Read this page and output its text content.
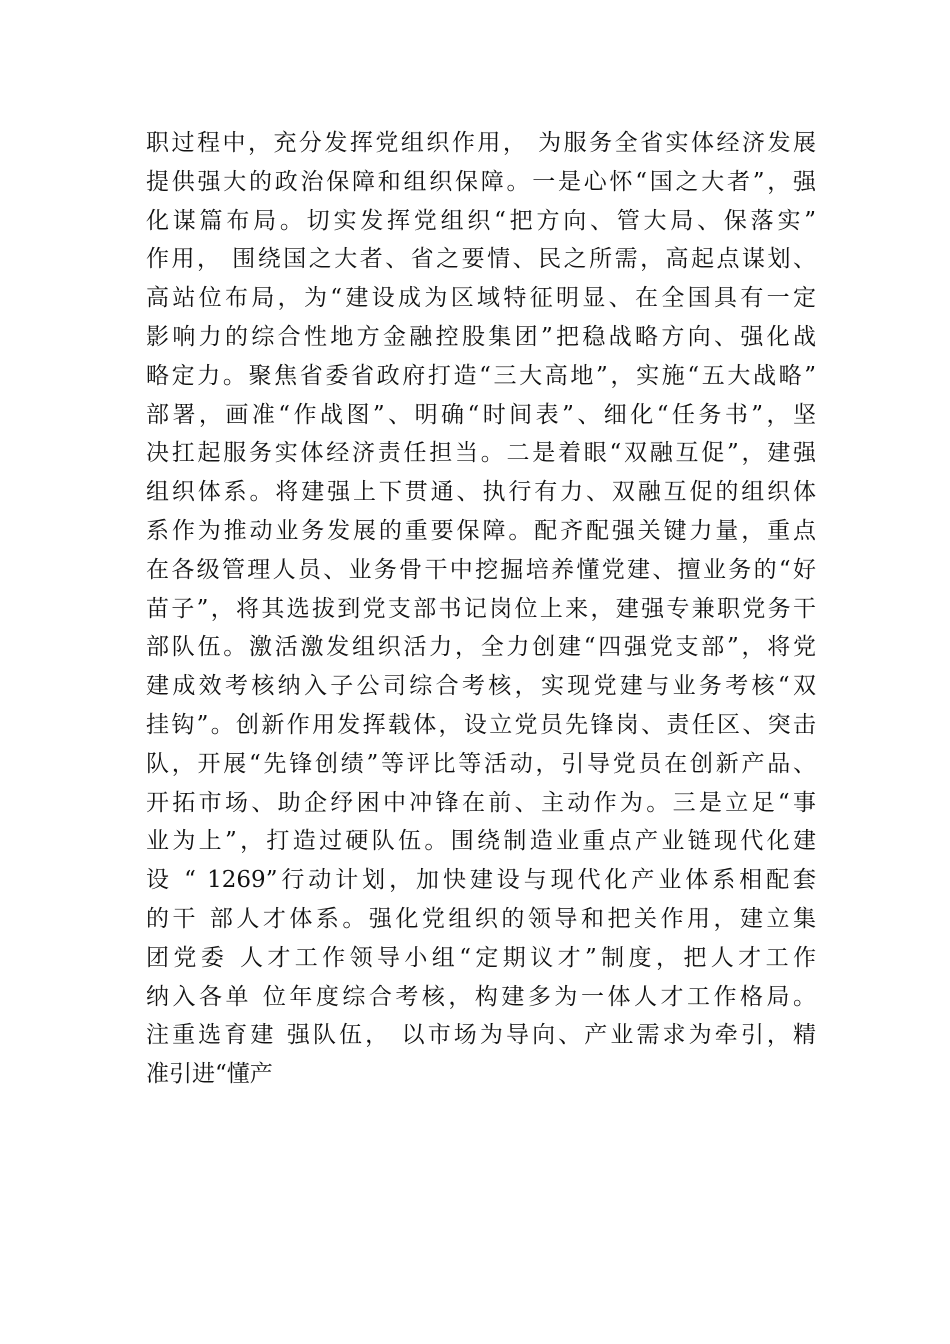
职过程中，充分发挥党组织作用， 为服务全省实体经济发展
提供强大的政治保障和组织保障。一是心怀“国之大者”，强
化谋篇布局。切实发挥党组织“把方向、管大局、保落实”
作用， 围绕国之大者、省之要情、民之所需，高起点谋划、
高站位布局，为“建设成为区域特征明显、在全国具有一定
影响力的综合性地方金融控股集团”把稳战略方向、强化战
略定力。聚焦省委省政府打造“三大高地”，实施“五大战略”
部署，画准“作战图”、明确“时间表”、细化“任务书”，坚
决扛起服务实体经济责任担当。二是着眼“双融互促”，建强
组织体系。将建强上下贯通、执行有力、双融互促的组织体
系作为推动业务发展的重要保障。配齐配强关键力量，重点
在各级管理人员、业务骨干中挖掘培养懂党建、擅业务的“好
苗子”，将其选拔到党支部书记岗位上来，建强专兼职党务干
部队伍。激活激发组织活力，全力创建“四强党支部”，将党
建成效考核纳入子公司综合考核，实现党建与业务考核“双
挂钩”。创新作用发挥载体，设立党员先锋岗、责任区、突击
队，开展“先锋创绩”等评比等活动，引导党员在创新产品、
开拓市场、助企纾困中冲锋在前、主动作为。三是立足“事
业为上”，打造过硬队伍。围绕制造业重点产业链现代化建
设 “ 1269”行动计划，加快建设与现代化产业体系相配套
的干 部人才体系。强化党组织的领导和把关作用，建立集
团党委 人才工作领导小组“定期议才”制度，把人才工作
纳入各单 位年度综合考核，构建多为一体人才工作格局。
注重选育建 强队伍， 以市场为导向、产业需求为牵引，精
准引进“懂产
